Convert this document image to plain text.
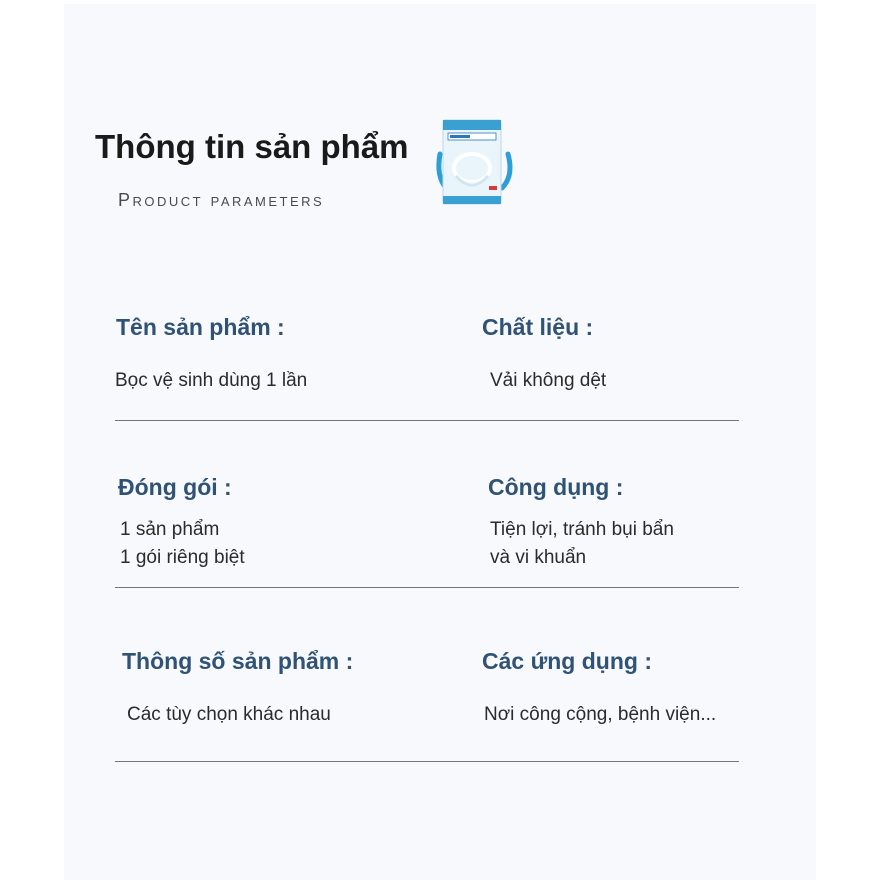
Thông tin sản phẩm
Product parameters
Tên sản phẩm :
Bọc vệ sinh dùng 1 lần
Chất liệu :
Vải không dệt
Đóng gói :
1 sản phẩm
1 gói riêng biệt
Công dụng :
Tiện lợi, tránh bụi bẩn
và vi khuẩn
Thông số sản phẩm :
Các tùy chọn khác nhau
Các ứng dụng :
Nơi công cộng, bệnh viện...
